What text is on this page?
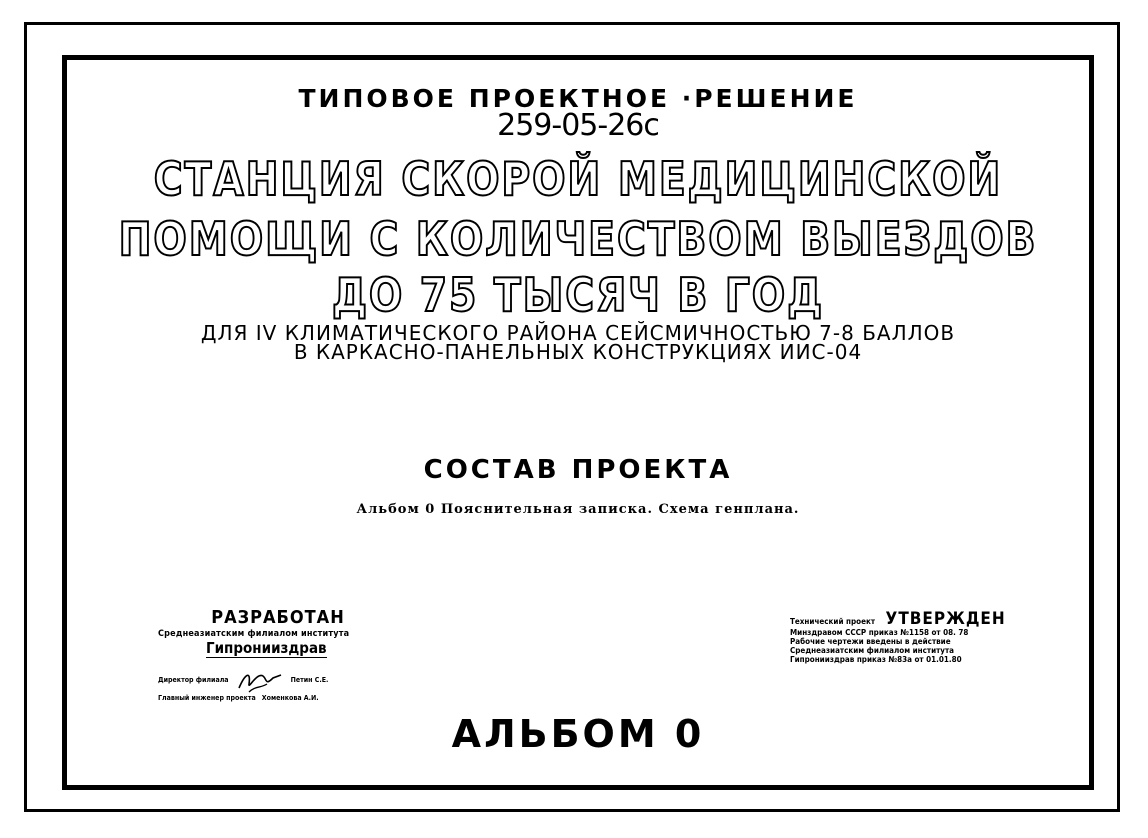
ТИПОВОЕ ПРОЕКТНОЕ ·РЕШЕНИЕ
259-05-26с
СТАНЦИЯ СКОРОЙ МЕДИЦИНСКОЙ
ПОМОЩИ С КОЛИЧЕСТВОМ ВЫЕЗДОВ
ДО 75 ТЫСЯЧ В ГОД
ДЛЯ IV КЛИМАТИЧЕСКОГО РАЙОНА СЕЙСМИЧНОСТЬЮ 7-8 БАЛЛОВ
В КАРКАСНО-ПАНЕЛЬНЫХ КОНСТРУКЦИЯХ ИИС-04
СОСТАВ ПРОЕКТА
Альбом 0 Пояснительная записка. Схема генплана.
РАЗРАБОТАН
Среднеазиатским филиалом института
Гипронииздрав
Директор филиала	Петин С.Е.
Главный инженер проекта Хоменкова А.И.
Технический проект УТВЕРЖДЕН
Минздравом СССР приказ №1158 от 08. 78
Рабочие чертежи введены в действие
Среднеазиатским филиалом института
Гипронииздрав приказ №83а от 01.01.80
АЛЬБОМ 0
